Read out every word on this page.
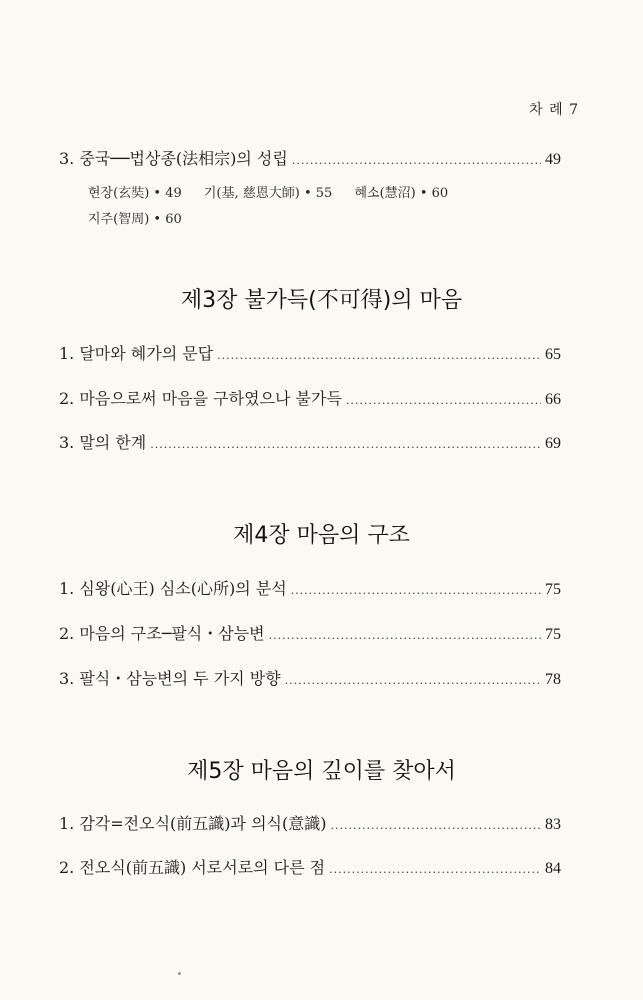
차 례 7
3. 중국──법상종(法相宗)의 성립 .....	49
현장(玄奘) • 49 기(基, 慈恩大師) • 55 혜소(慧沼) • 60
지주(智周) • 60
제3장 불가득(不可得)의 마음
1. 달마와 혜가의 문답 .....	65
2. 마음으로써 마음을 구하였으나 불가득 .....	66
3. 말의 한계 .....	69
제4장 마음의 구조
1. 심왕(心王) 심소(心所)의 분석 .....	75
2. 마음의 구조─팔식・삼능변 .....	75
3. 팔식・삼능변의 두 가지 방향 .....	78
제5장 마음의 깊이를 찾아서
1. 감각=전오식(前五識)과 의식(意識) .....	83
2. 전오식(前五識) 서로서로의 다른 점 .....	84
